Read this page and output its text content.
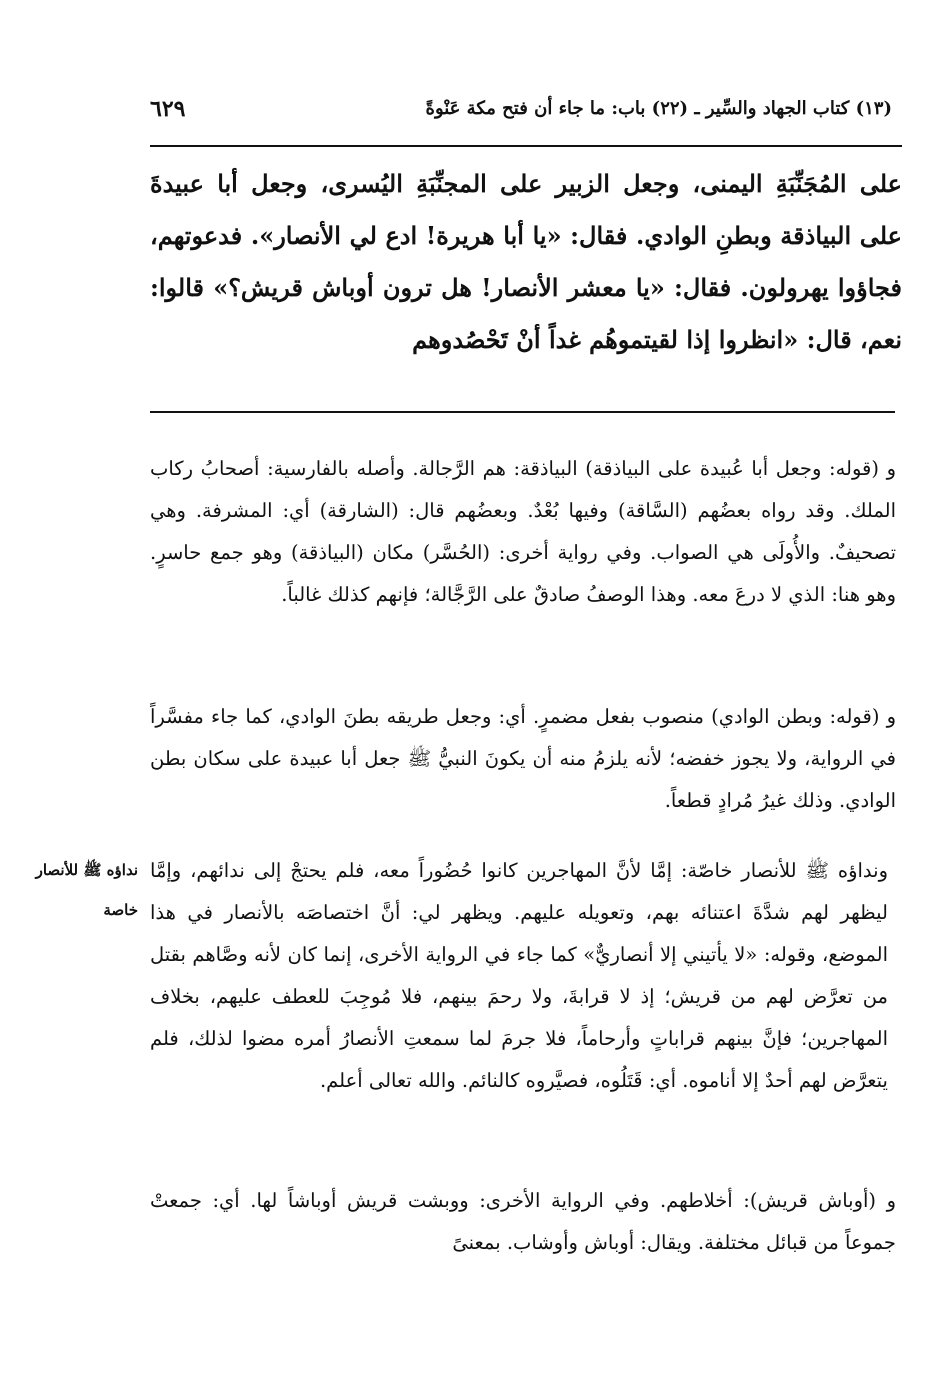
٦٢٩	(١٣) كتاب الجهاد والسِّير ـ (٢٢) باب: ما جاء أن فتح مكة عَنْوةً

على المُجَنِّبَةِ اليمنى، وجعل الزبير على المجنِّبَةِ اليُسرى، وجعل أبا عبيدةَ على البياذقة وبطنِ الوادي. فقال: «يا أبا هريرة! ادع لي الأنصار». فدعوتهم، فجاؤوا يهرولون. فقال: «يا معشر الأنصار! هل ترون أوباش قريش؟» قالوا: نعم، قال: «انظروا إذا لقيتموهُم غداً أنْ تَحْصُدوهم

و (قوله: وجعل أبا عُبيدة على البياذقة) البياذقة: هم الرَّجالة. وأصله بالفارسية: أصحابُ ركاب الملك. وقد رواه بعضُهم (السَّاقة) وفيها بُعْدٌ. وبعضُهم قال: (الشارقة) أي: المشرفة. وهي تصحيفٌ. والأُولَى هي الصواب. وفي رواية أخرى: (الحُسَّر) مكان (البياذقة) وهو جمع حاسرٍ. وهو هنا: الذي لا درعَ معه. وهذا الوصفُ صادقٌ على الرَّجَّالة؛ فإنهم كذلك غالباً.

و (قوله: وبطن الوادي) منصوب بفعل مضمرٍ. أي: وجعل طريقه بطنَ الوادي، كما جاء مفسَّراً في الرواية، ولا يجوز خفضه؛ لأنه يلزمُ منه أن يكونَ النبيُّ ﷺ جعل أبا عبيدة على سكان بطن الوادي. وذلك غيرُ مُرادٍ قطعاً.

ونداؤه ﷺ للأنصار خاصّة: إمَّا لأنَّ المهاجرين كانوا حُضُوراً معه، فلم يحتجْ إلى ندائهم، وإمَّا ليظهر لهم شدَّةَ اعتنائه بهم، وتعويله عليهم. ويظهر لي: أنَّ اختصاصَه بالأنصار في هذا الموضع، وقوله: «لا يأتيني إلا أنصاريٌّ» كما جاء في الرواية الأخرى، إنما كان لأنه وصَّاهم بقتل من تعرَّض لهم من قريش؛ إذ لا قرابةَ، ولا رحمَ بينهم، فلا مُوجِبَ للعطف عليهم، بخلاف المهاجرين؛ فإنَّ بينهم قراباتٍ وأرحاماً، فلا جرمَ لما سمعتِ الأنصارُ أمره مضوا لذلك، فلم يتعرَّض لهم أحدٌ إلا أناموه. أي: قَتَلُوه، فصيَّروه كالنائم. والله تعالى أعلم.

نداؤه ﷺ للأنصار خاصة

و (أوباش قريش): أخلاطهم. وفي الرواية الأخرى: ووبشت قريش أوباشاً لها. أي: جمعتْ جموعاً من قبائل مختلفة. ويقال: أوباش وأوشاب. بمعنىً
